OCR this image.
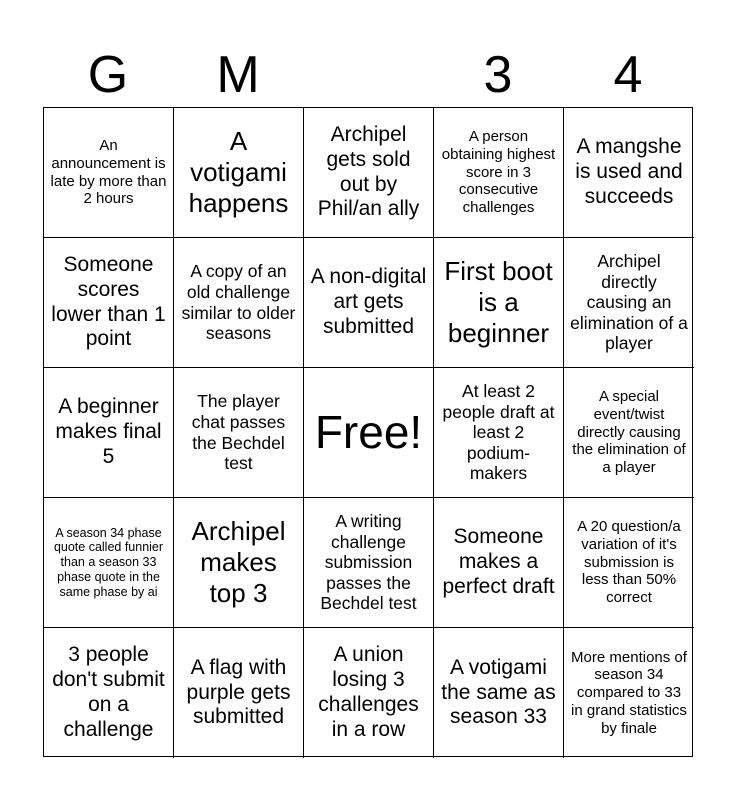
G	M	3	4
An announcement is late by more than 2 hours
A votigami happens
Archipel gets sold out by Phil/an ally
A person obtaining highest score in 3 consecutive challenges
A mangshe is used and succeeds
Someone scores lower than 1 point
A copy of an old challenge similar to older seasons
A non-digital art gets submitted
First boot is a beginner
Archipel directly causing an elimination of a player
A beginner makes final 5
The player chat passes the Bechdel test
Free!
At least 2 people draft at least 2 podium-makers
A special event/twist directly causing the elimination of a player
A season 34 phase quote called funnier than a season 33 phase quote in the same phase by ai
Archipel makes top 3
A writing challenge submission passes the Bechdel test
Someone makes a perfect draft
A 20 question/a variation of it's submission is less than 50% correct
3 people don't submit on a challenge
A flag with purple gets submitted
A union losing 3 challenges in a row
A votigami the same as season 33
More mentions of season 34 compared to 33 in grand statistics by finale
